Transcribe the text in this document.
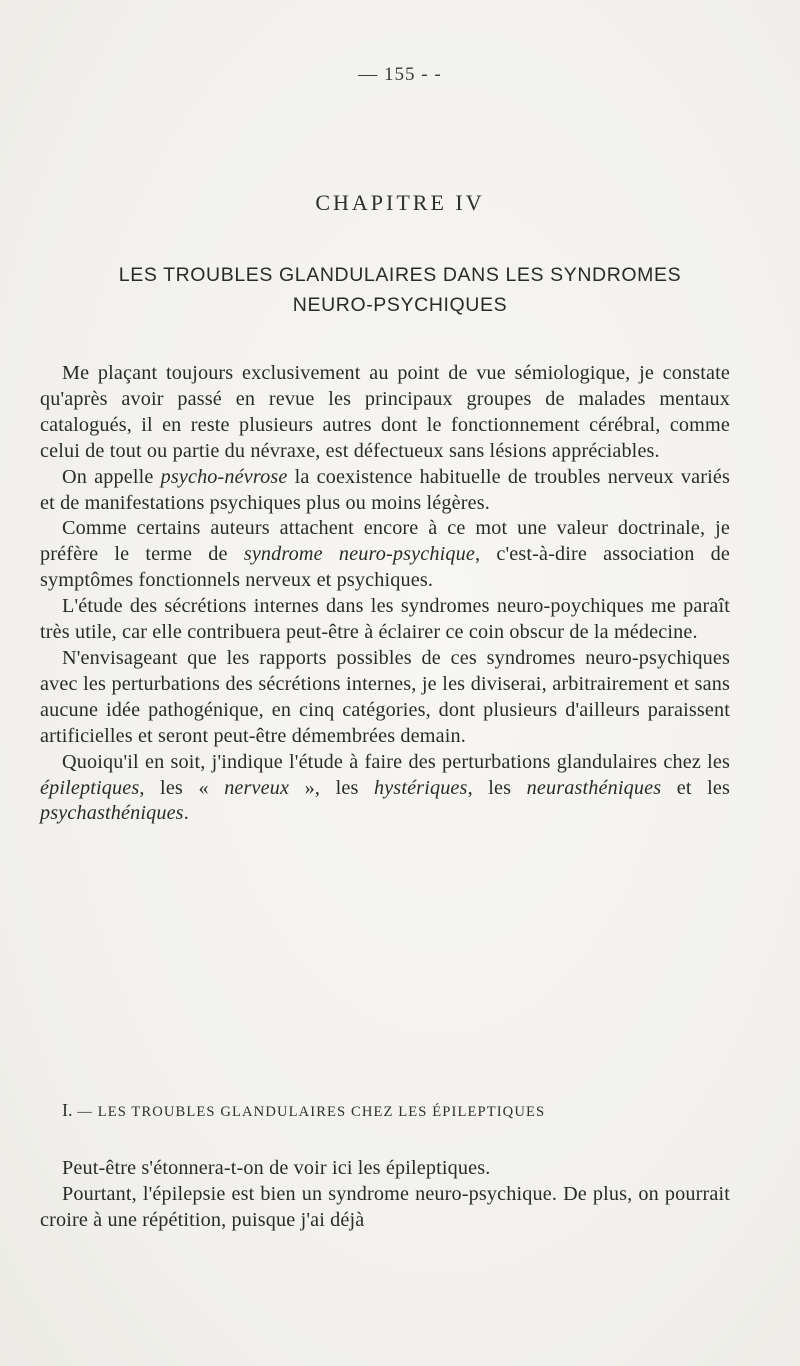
— 155 - -
CHAPITRE IV
LES TROUBLES GLANDULAIRES DANS LES SYNDROMES
NEURO-PSYCHIQUES

Me plaçant toujours exclusivement au point de vue sémiologique, je constate qu'après avoir passé en revue les principaux groupes de malades mentaux catalogués, il en reste plusieurs autres dont le fonctionnement cérébral, comme celui de tout ou partie du névraxe, est défectueux sans lésions appréciables.

On appelle psycho-névrose la coexistence habituelle de troubles nerveux variés et de manifestations psychiques plus ou moins légères.

Comme certains auteurs attachent encore à ce mot une valeur doctrinale, je préfère le terme de syndrome neuro-psychique, c'est-à-dire association de symptômes fonctionnels nerveux et psychiques.

L'étude des sécrétions internes dans les syndromes neuro-poychiques me paraît très utile, car elle contribuera peut-être à éclairer ce coin obscur de la médecine.

N'envisageant que les rapports possibles de ces syndromes neuro-psychiques avec les perturbations des sécrétions internes, je les diviserai, arbitrairement et sans aucune idée pathogénique, en cinq catégories, dont plusieurs d'ailleurs paraissent artificielles et seront peut-être démembrées demain.

Quoiqu'il en soit, j'indique l'étude à faire des perturbations glandulaires chez les épileptiques, les « nerveux », les hystériques, les neurasthéniques et les psychasthéniques.

I. — LES TROUBLES GLANDULAIRES CHEZ LES ÉPILEPTIQUES

Peut-être s'étonnera-t-on de voir ici les épileptiques.

Pourtant, l'épilepsie est bien un syndrome neuro-psychique. De plus, on pourrait croire à une répétition, puisque j'ai déjà
